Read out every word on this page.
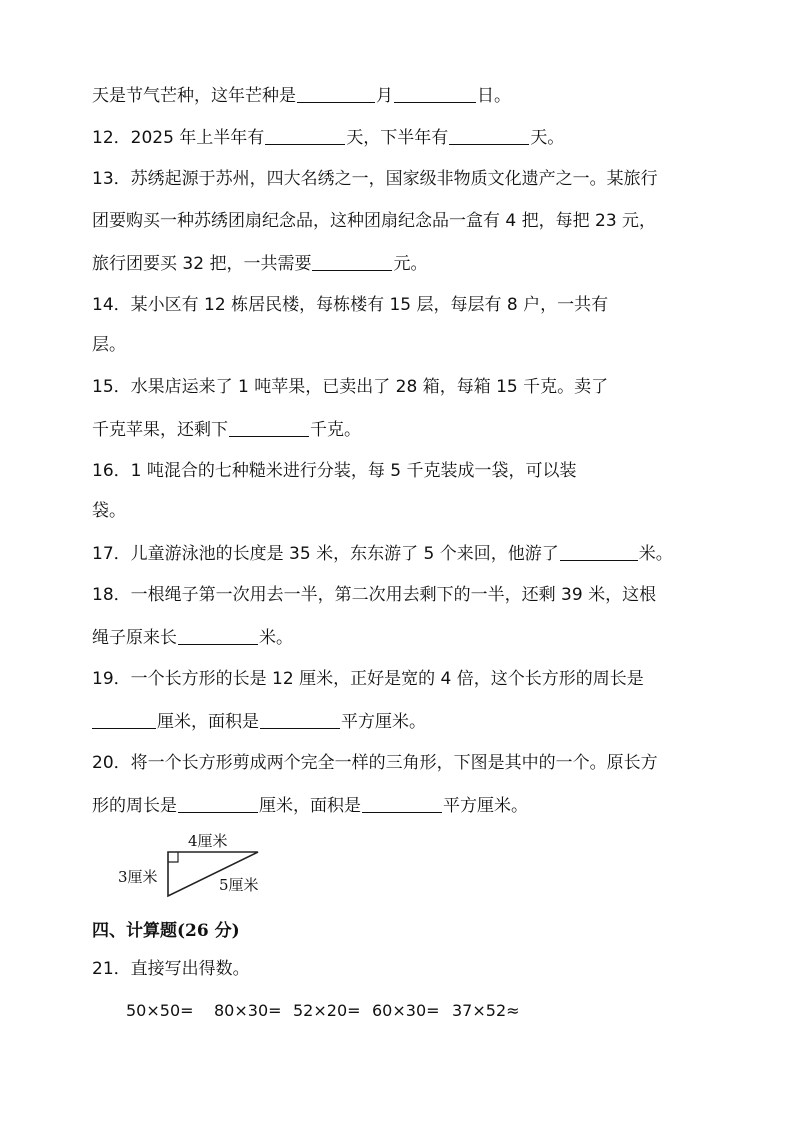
天是节气芒种，这年芒种是	月	日。
12．2025 年上半年有	天，下半年有	天。
13．苏绣起源于苏州，四大名绣之一，国家级非物质文化遗产之一。某旅行
团要购买一种苏绣团扇纪念品，这种团扇纪念品一盒有 4 把，每把 23 元，
旅行团要买 32 把，一共需要	元。
14．某小区有 12 栋居民楼，每栋楼有 15 层，每层有 8 户，一共有
层。
15．水果店运来了 1 吨苹果，已卖出了 28 箱，每箱 15 千克。卖了
千克苹果，还剩下	千克。
16．1 吨混合的七种糙米进行分装，每 5 千克装成一袋，可以装
袋。
17．儿童游泳池的长度是 35 米，东东游了 5 个来回，他游了	米。
18．一根绳子第一次用去一半，第二次用去剩下的一半，还剩 39 米，这根
绳子原来长	米。
19．一个长方形的长是 12 厘米，正好是宽的 4 倍，这个长方形的周长是
厘米，面积是	平方厘米。
20．将一个长方形剪成两个完全一样的三角形，下图是其中的一个。原长方
形的周长是	厘米，面积是	平方厘米。
4厘米
3厘米	5厘米
四、计算题(26 分)
21．直接写出得数。
50×50= 80×30= 52×20= 60×30= 37×52≈
